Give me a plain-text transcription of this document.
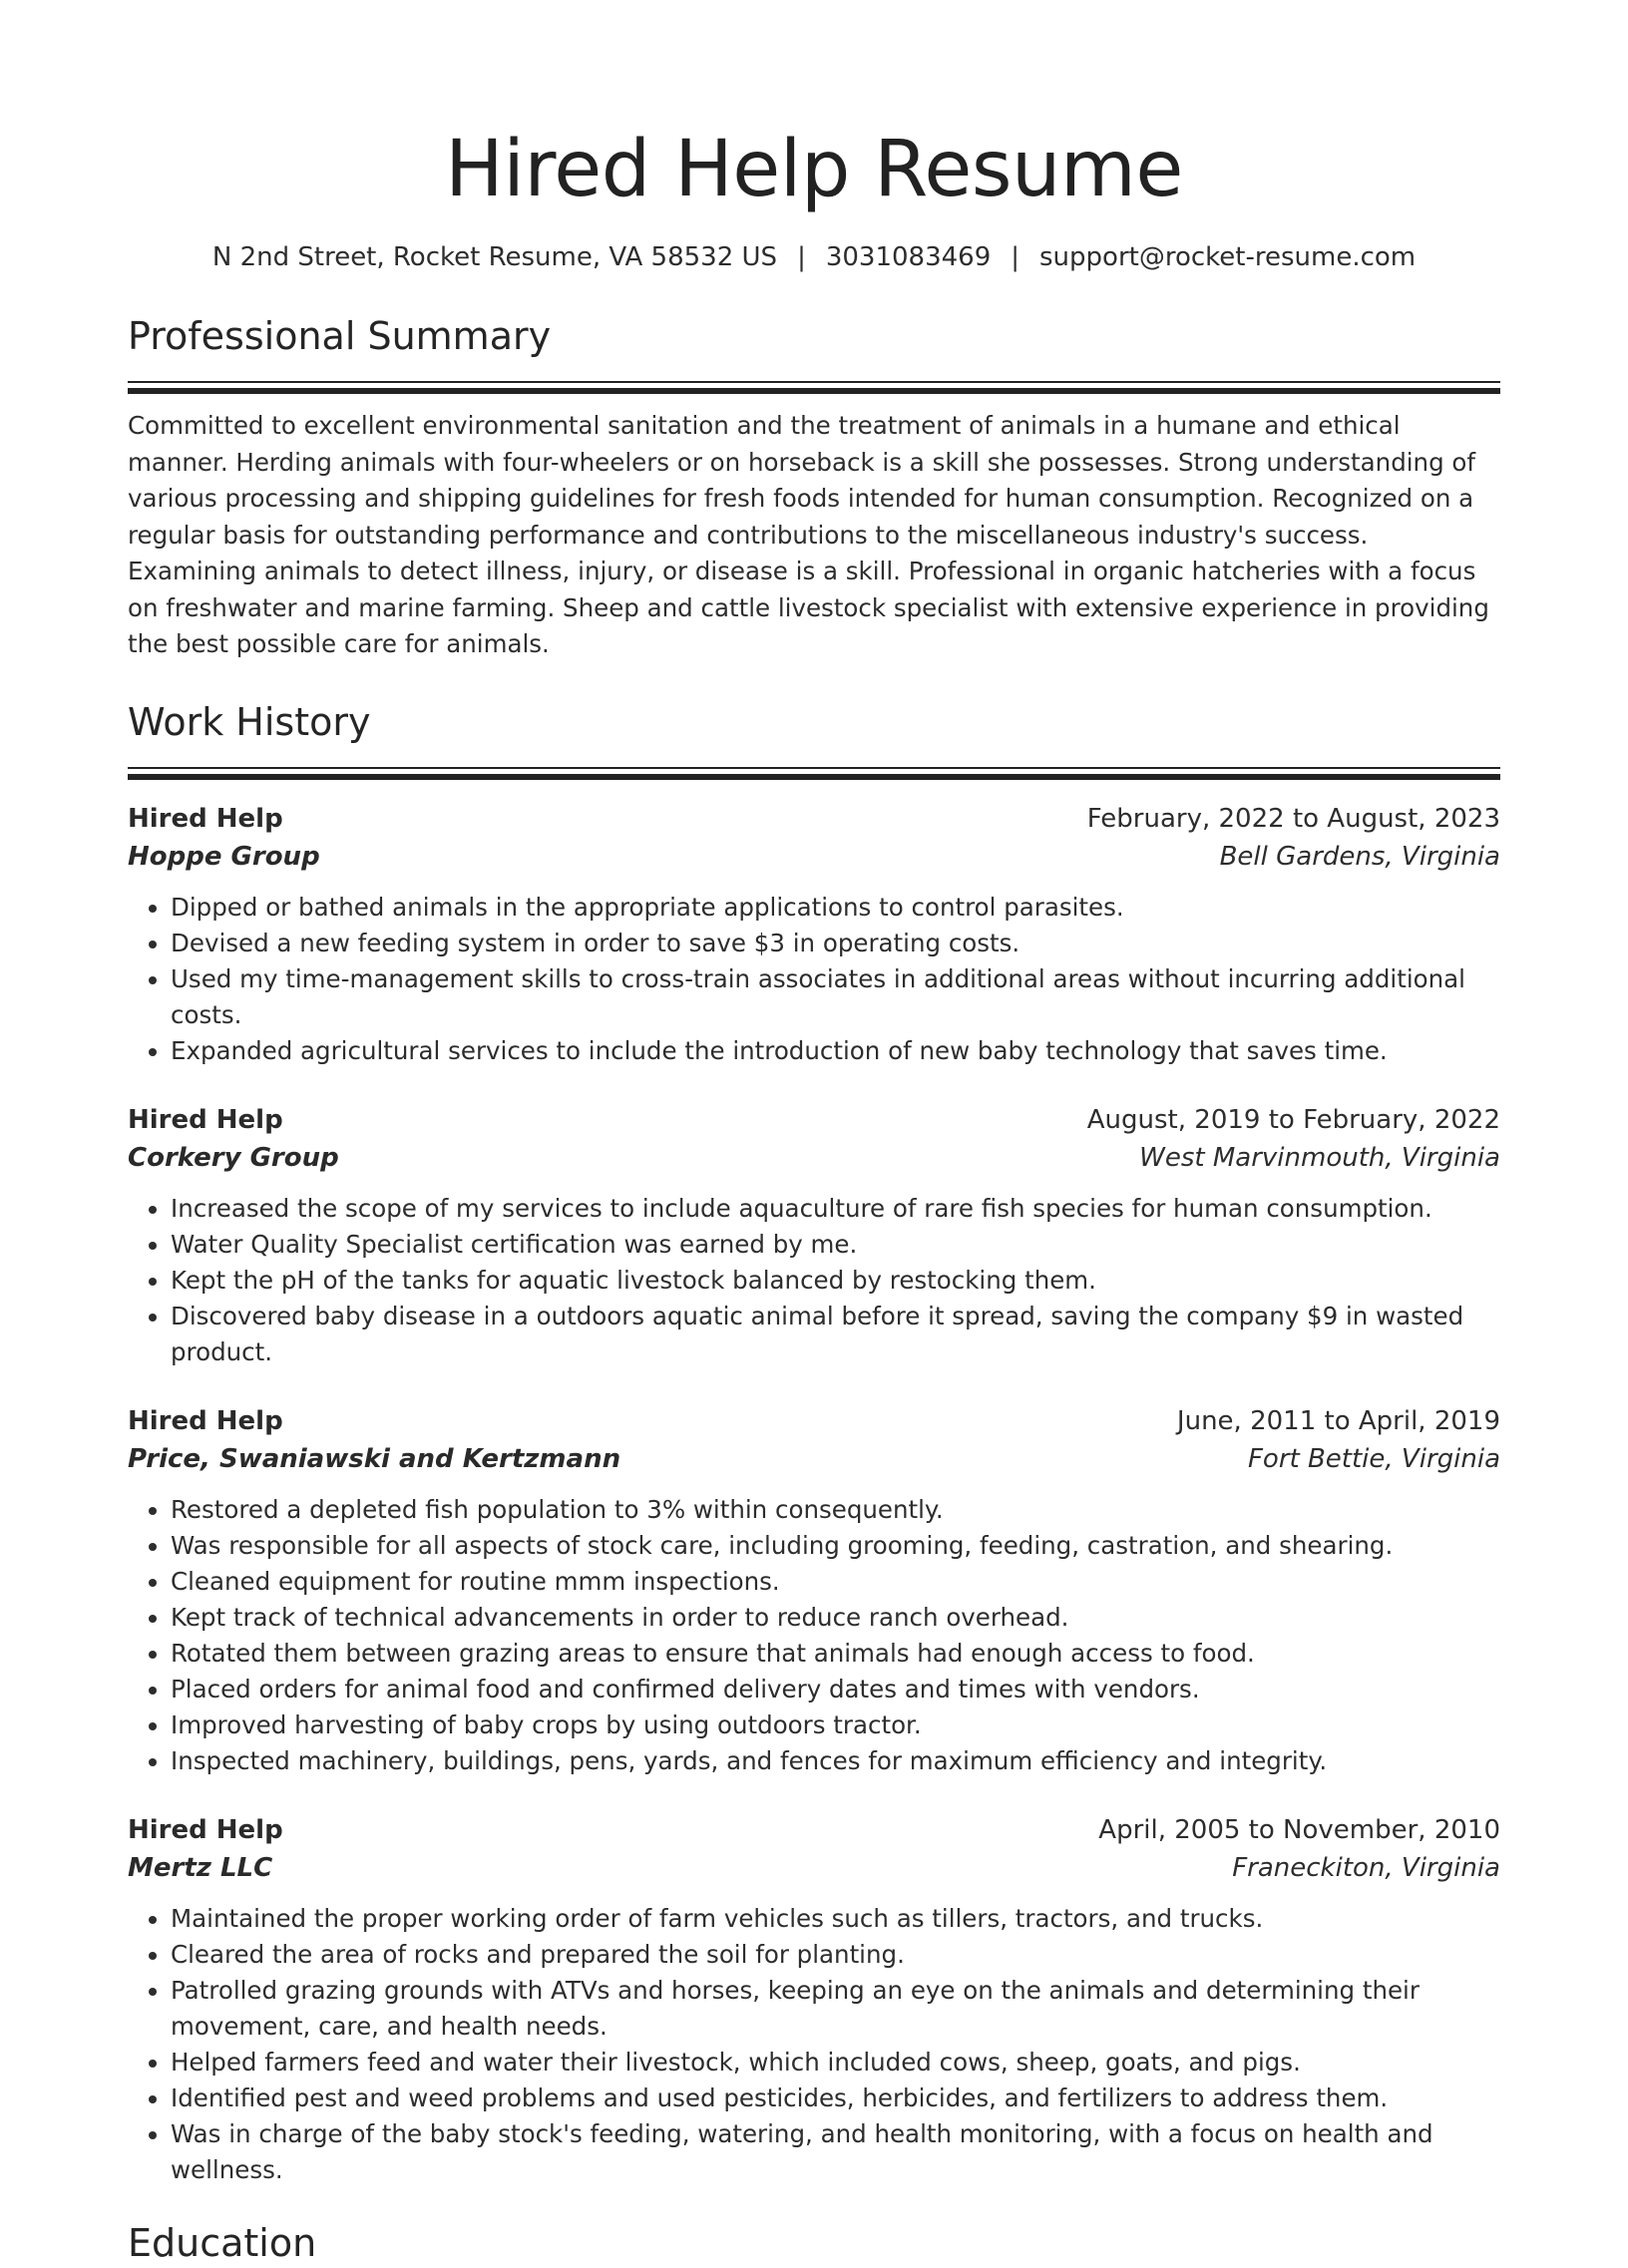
Hired Help Resume
N 2nd Street, Rocket Resume, VA 58532 US | 3031083469 | support@rocket-resume.com
Professional Summary

Committed to excellent environmental sanitation and the treatment of animals in a humane and ethical manner. Herding animals with four-wheelers or on horseback is a skill she possesses. Strong understanding of various processing and shipping guidelines for fresh foods intended for human consumption. Recognized on a regular basis for outstanding performance and contributions to the miscellaneous industry's success. Examining animals to detect illness, injury, or disease is a skill. Professional in organic hatcheries with a focus on freshwater and marine farming. Sheep and cattle livestock specialist with extensive experience in providing the best possible care for animals.

Work History
Hired Help	February, 2022 to August, 2023
Hoppe Group	Bell Gardens, Virginia
• Dipped or bathed animals in the appropriate applications to control parasites.
• Devised a new feeding system in order to save $3 in operating costs.
• Used my time-management skills to cross-train associates in additional areas without incurring additional costs.
• Expanded agricultural services to include the introduction of new baby technology that saves time.
Hired Help	August, 2019 to February, 2022
Corkery Group	West Marvinmouth, Virginia
• Increased the scope of my services to include aquaculture of rare fish species for human consumption.
• Water Quality Specialist certification was earned by me.
• Kept the pH of the tanks for aquatic livestock balanced by restocking them.
• Discovered baby disease in a outdoors aquatic animal before it spread, saving the company $9 in wasted product.
Hired Help	June, 2011 to April, 2019
Price, Swaniawski and Kertzmann	Fort Bettie, Virginia
• Restored a depleted fish population to 3% within consequently.
• Was responsible for all aspects of stock care, including grooming, feeding, castration, and shearing.
• Cleaned equipment for routine mmm inspections.
• Kept track of technical advancements in order to reduce ranch overhead.
• Rotated them between grazing areas to ensure that animals had enough access to food.
• Placed orders for animal food and confirmed delivery dates and times with vendors.
• Improved harvesting of baby crops by using outdoors tractor.
• Inspected machinery, buildings, pens, yards, and fences for maximum efficiency and integrity.
Hired Help	April, 2005 to November, 2010
Mertz LLC	Franeckiton, Virginia
• Maintained the proper working order of farm vehicles such as tillers, tractors, and trucks.
• Cleared the area of rocks and prepared the soil for planting.
• Patrolled grazing grounds with ATVs and horses, keeping an eye on the animals and determining their movement, care, and health needs.
• Helped farmers feed and water their livestock, which included cows, sheep, goats, and pigs.
• Identified pest and weed problems and used pesticides, herbicides, and fertilizers to address them.
• Was in charge of the baby stock's feeding, watering, and health monitoring, with a focus on health and wellness.
Education
